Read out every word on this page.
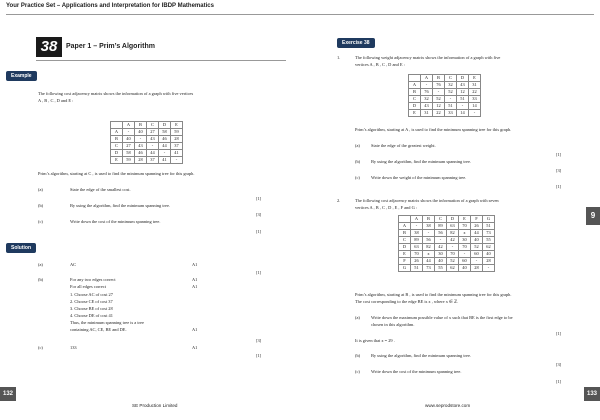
Your Practice Set – Applications and Interpretation for IBDP Mathematics
38	Paper 1 – Prim’s Algorithm
Example
The following cost adjacency matrix shows the information of a graph with five vertices
A , B , C , D and E :
	A	B	C	D	E
A	-	40	27	58	59
B	40	-	43	46	28
C	27	43	-	44	37
D	58	46	44	-	41
E	59	28	37	41	-
Prim’s algorithm, starting at C , is used to find the minimum spanning tree for this graph.
(a)	State the edge of the smallest cost.
[1]
(b)	By using the algorithm, find the minimum spanning tree.
[3]
(c)	Write down the cost of the minimum spanning tree.
[1]
Solution
(a)	AC	A1
[1]
(b)	For any two edges correct	A1
For all edges correct	A1
1. Choose AC of cost 27
2. Choose CE of cost 37
3. Choose BE of cost 28
4. Choose DE of cost 41
Thus, the minimum spanning tree is a tree
containing AC, CE, BE and DE.	A1
[3]
(c)	133	A1
[1]
132
SE Production Limited
Exercise 38
1.	The following weight adjacency matrix shows the information of a graph with five
vertices A , B , C , D and E :
	A	B	C	D	E
A	-	76	32	43	31
B	76	-	52	12	22
C	32	52	-	51	33
D	43	12	51	-	14
E	31	22	33	14	-
Prim’s algorithm, starting at A , is used to find the minimum spanning tree for this graph.
(a)	State the edge of the greatest weight.
[1]
(b) By using the algorithm, find the minimum spanning tree.
[3]
(c)	Write down the weight of the minimum spanning tree.
[1]
2.	The following cost adjacency matrix shows the information of a graph with seven
vertices A , B , C , D , E , F and G :
	A	B	C	D	E	F	G
A	-	38	89	63	70	26	51
B	38	-	56	82	x	44	73
C	89	56	-	42	30	40	55
D	63	82	42	-	70	52	62
E	70	x	30	70	-	60	40
F	26	44	40	52	60	-	28
G	51	73	55	62	40	28	-
Prim’s algorithm, starting at B , is used to find the minimum spanning tree for this graph.
The cost corresponding to the edge BE is x , where x ∈ ℤ.
(a)	Write down the maximum possible value of x such that BE is the first edge to be
chosen in this algorithm.
[1]
It is given that x = 29 .
(b) By using the algorithm, find the minimum spanning tree.
[3]
(c)	Write down the cost of the minimum spanning tree.
[1]
9
133
www.seprodstore.com
